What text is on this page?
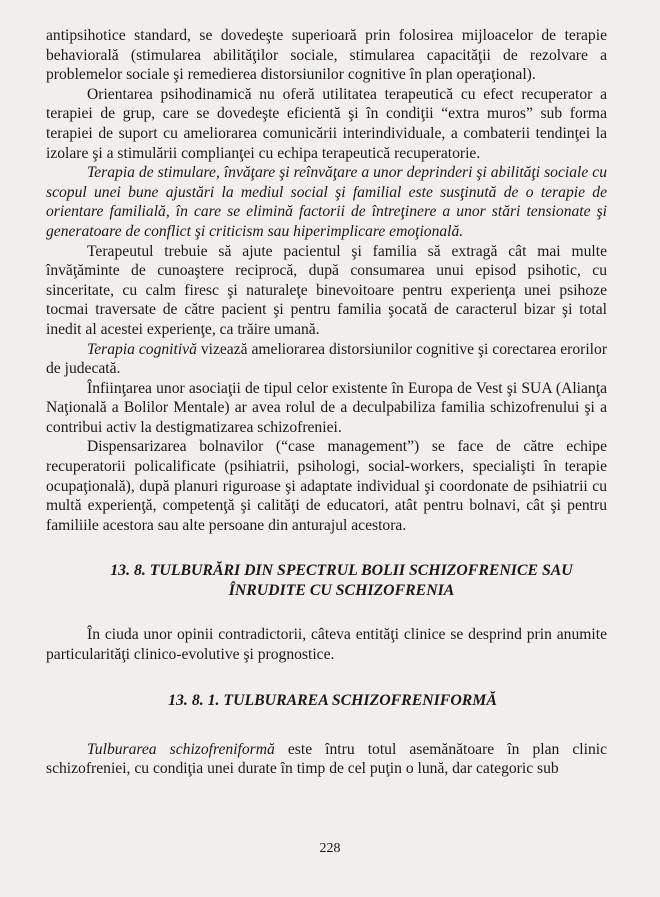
antipsihotice standard, se dovedeşte superioară prin folosirea mijloacelor de terapie behaviorală (stimularea abilităţilor sociale, stimularea capacităţii de rezolvare a problemelor sociale şi remedierea distorsiunilor cognitive în plan operaţional).

Orientarea psihodinamică nu oferă utilitatea terapeutică cu efect recuperator a terapiei de grup, care se dovedeşte eficientă şi în condiţii “extra muros” sub forma terapiei de suport cu ameliorarea comunicării interindividuale, a combaterii tendinţei la izolare şi a stimulării complianţei cu echipa terapeutică recuperatorie.

Terapia de stimulare, învăţare şi reînvăţare a unor deprinderi şi abilităţi sociale cu scopul unei bune ajustări la mediul social şi familial este susţinută de o terapie de orientare familială, în care se elimină factorii de întreţinere a unor stări tensionate şi generatoare de conflict şi criticism sau hiperimplicare emoţională.

Terapeutul trebuie să ajute pacientul şi familia să extragă cât mai multe învăţăminte de cunoaştere reciprocă, după consumarea unui episod psihotic, cu sinceritate, cu calm firesc şi naturaleţe binevoitoare pentru experienţa unei psihoze tocmai traversate de către pacient şi pentru familia şocată de caracterul bizar şi total inedit al acestei experienţe, ca trăire umană.

Terapia cognitivă vizează ameliorarea distorsiunilor cognitive şi corectarea erorilor de judecată.

Înfiinţarea unor asociaţii de tipul celor existente în Europa de Vest şi SUA (Alianţa Naţională a Bolilor Mentale) ar avea rolul de a deculpabiliza familia schizofrenului şi a contribui activ la destigmatizarea schizofreniei.

Dispensarizarea bolnavilor (“case management”) se face de către echipe recuperatorii policalificate (psihiatrii, psihologi, social-workers, specialişti în terapie ocupaţională), după planuri riguroase şi adaptate individual şi coordonate de psihiatrii cu multă experienţă, competenţă şi calităţi de educatori, atât pentru bolnavi, cât şi pentru familiile acestora sau alte persoane din anturajul acestora.

13. 8. TULBURĂRI DIN SPECTRUL BOLII SCHIZOFRENICE SAU
ÎNRUDITE CU SCHIZOFRENIA

În ciuda unor opinii contradictorii, câteva entităţi clinice se desprind prin anumite particularităţi clinico-evolutive şi prognostice.

13. 8. 1. TULBURAREA SCHIZOFRENIFORMĂ

Tulburarea schizofreniformă este întru totul asemănătoare în plan clinic schizofreniei, cu condiţia unei durate în timp de cel puţin o lună, dar categoric sub

228
